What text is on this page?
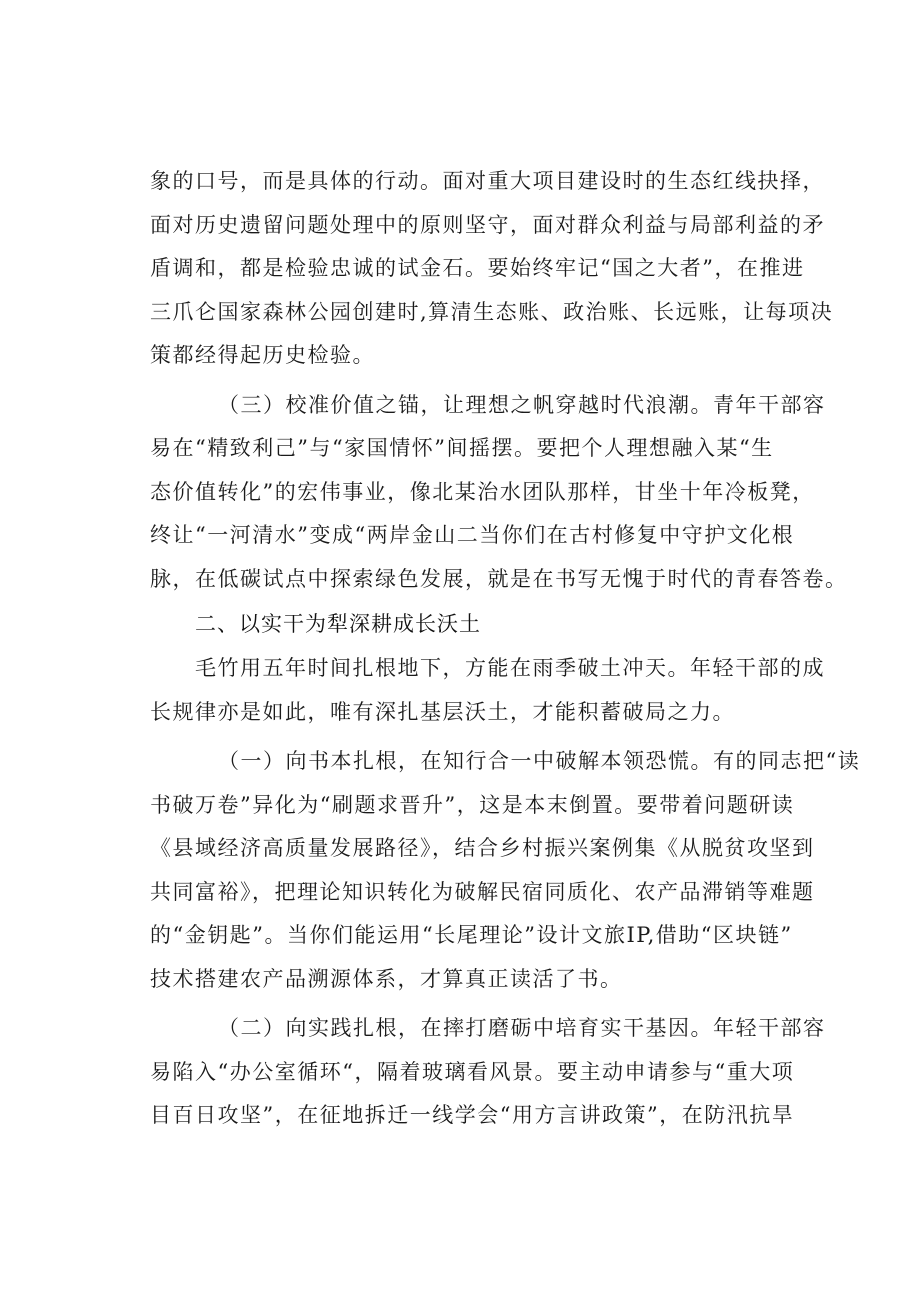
象的口号，而是具体的行动。面对重大项目建设时的生态红线抉择，
面对历史遗留问题处理中的原则坚守，面对群众利益与局部利益的矛
盾调和，都是检验忠诚的试金石。要始终牢记“国之大者”，在推进
三爪仑国家森林公园创建时,算清生态账、政治账、长远账，让每项决
策都经得起历史检验。
（三）校准价值之锚，让理想之帆穿越时代浪潮。青年干部容
易在“精致利己”与“家国情怀”间摇摆。要把个人理想融入某“生
态价值转化”的宏伟事业，像北某治水团队那样，甘坐十年冷板凳，
终让“一河清水”变成“两岸金山二当你们在古村修复中守护文化根
脉，在低碳试点中探索绿色发展，就是在书写无愧于时代的青春答卷。
二、以实干为犁深耕成长沃土
毛竹用五年时间扎根地下，方能在雨季破土冲天。年轻干部的成
长规律亦是如此，唯有深扎基层沃土，才能积蓄破局之力。
（一）向书本扎根，在知行合一中破解本领恐慌。有的同志把“读
书破万卷”异化为“刷题求晋升”，这是本末倒置。要带着问题研读
《县域经济高质量发展路径》，结合乡村振兴案例集《从脱贫攻坚到
共同富裕》，把理论知识转化为破解民宿同质化、农产品滞销等难题
的“金钥匙”。当你们能运用“长尾理论”设计文旅IP,借助“区块链”
技术搭建农产品溯源体系，才算真正读活了书。
（二）向实践扎根，在摔打磨砺中培育实干基因。年轻干部容
易陷入“办公室循环“，隔着玻璃看风景。要主动申请参与“重大项
目百日攻坚”，在征地拆迁一线学会“用方言讲政策”，在防汛抗旱
